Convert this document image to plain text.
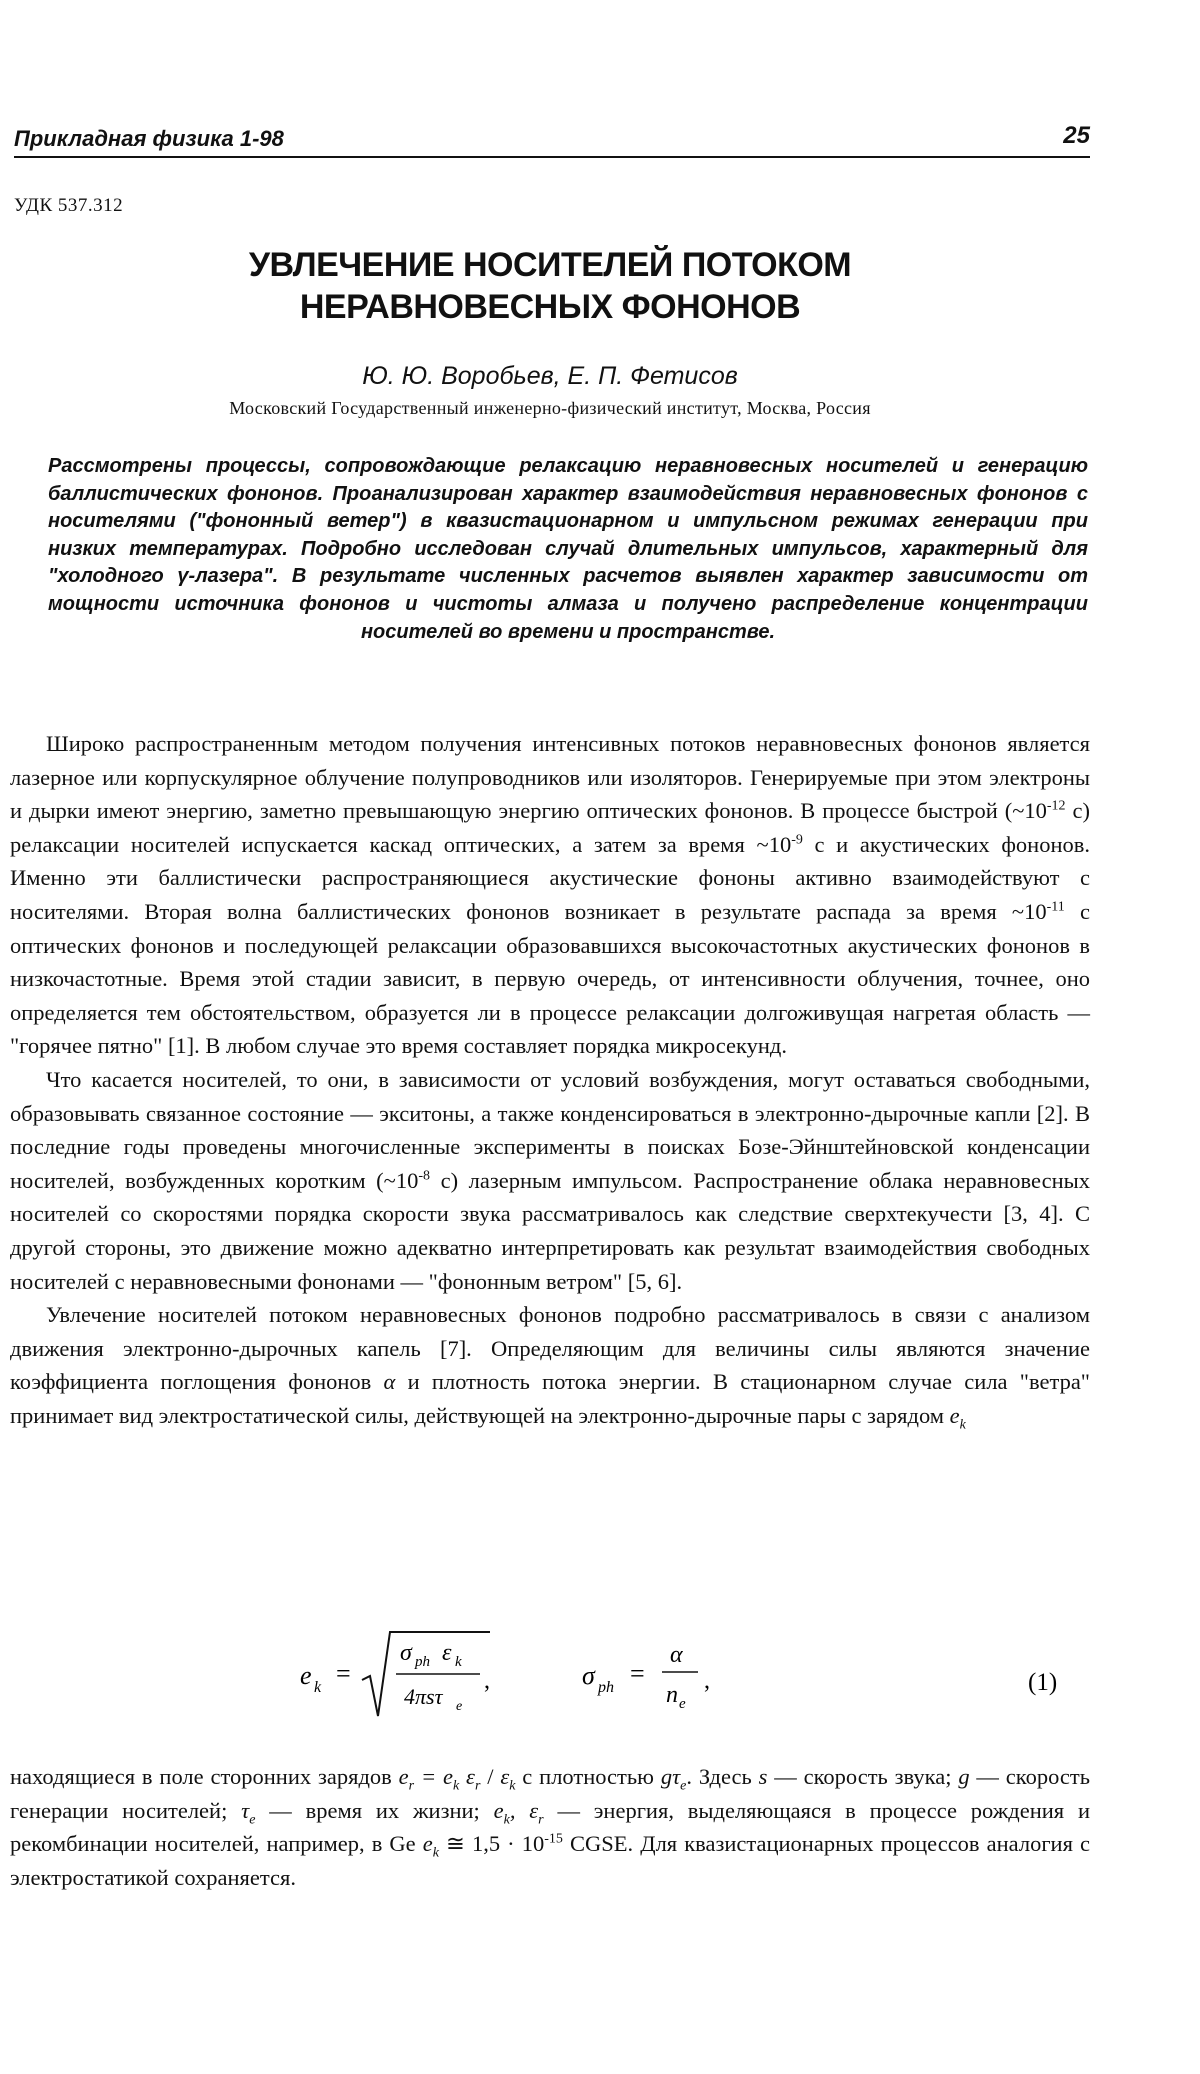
Прикладная физика 1-98	25
УДК 537.312
УВЛЕЧЕНИЕ НОСИТЕЛЕЙ ПОТОКОМ НЕРАВНОВЕСНЫХ ФОНОНОВ
Ю. Ю. Воробьев, Е. П. Фетисов
Московский Государственный инженерно-физический институт, Москва, Россия
Рассмотрены процессы, сопровождающие релаксацию неравновесных носителей и генерацию баллистических фононов. Проанализирован характер взаимодействия неравновесных фононов с носителями ("фононный ветер") в квазистационарном и импульсном режимах генерации при низких температурах. Подробно исследован случай длительных импульсов, характерный для "холодного γ-лазера". В результате численных расчетов выявлен характер зависимости от мощности источника фононов и чистоты алмаза и получено распределение концентрации носителей во времени и пространстве.

Широко распространенным методом получения интенсивных потоков неравновесных фононов является лазерное или корпускулярное облучение полупроводников или изоляторов. Генерируемые при этом электроны и дырки имеют энергию, заметно превышающую энергию оптических фононов. В процессе быстрой ($\sim 10^{-12}$ с) релаксации носителей испускается каскад оптических, а затем за время $\sim 10^{-9}$ с и акустических фононов. Именно эти баллистически распространяющиеся акустические фононы активно взаимодействуют с носителями. Вторая волна баллистических фононов возникает в результате распада за время $\sim 10^{-11}$ с оптических фононов и последующей релаксации образовавшихся высокочастотных акустических фононов в низкочастотные. Время этой стадии зависит, в первую очередь, от интенсивности облучения, точнее, оно определяется тем обстоятельством, образуется ли в процессе релаксации долгоживущая нагретая область — "горячее пятно" [1]. В любом случае это время составляет порядка микросекунд.

Что касается носителей, то они, в зависимости от условий возбуждения, могут оставаться свободными, образовывать связанное состояние — экситоны, а также конденсироваться в электронно-дырочные капли [2]. В последние годы проведены многочисленные эксперименты в поисках Бозе-Эйнштейновской конденсации носителей, возбужденных коротким ($\sim 10^{-8}$ с) лазерным импульсом. Распространение облака неравновесных носителей со скоростями порядка скорости звука рассматривалось как следствие сверхтекучести [3, 4]. С другой стороны, это движение можно адекватно интерпретировать как результат взаимодействия свободных носителей с неравновесными фононами — "фононным ветром" [5, 6].

Увлечение носителей потоком неравновесных фононов подробно рассматривалось в связи с анализом движения электронно-дырочных капель [7]. Определяющим для величины силы являются значение коэффициента поглощения фононов α и плотность потока энергии. В стационарном случае сила "ветра" принимает вид электростатической силы, действующей на электронно-дырочные пары с зарядом $e_k$

e k =
σ ph ε k
4πsτ e
,	σ ph =
α
n e
,	(1)

находящиеся в поле сторонних зарядов $e_r = e_k$ $\varepsilon_r / \varepsilon_k$ с плотностью $g\tau_e$. Здесь s — скорость звука; g — скорость генерации носителей; $\tau_e$ — время их жизни; $e_k$, $\varepsilon_r$ — энергия, выделяющаяся в процессе рождения и рекомбинации носителей, например, в Ge $e_k$ ≅ $1,5 \cdot 10^{-15}$ CGSE. Для квазистационарных процессов аналогия с электростатикой сохраняется.
